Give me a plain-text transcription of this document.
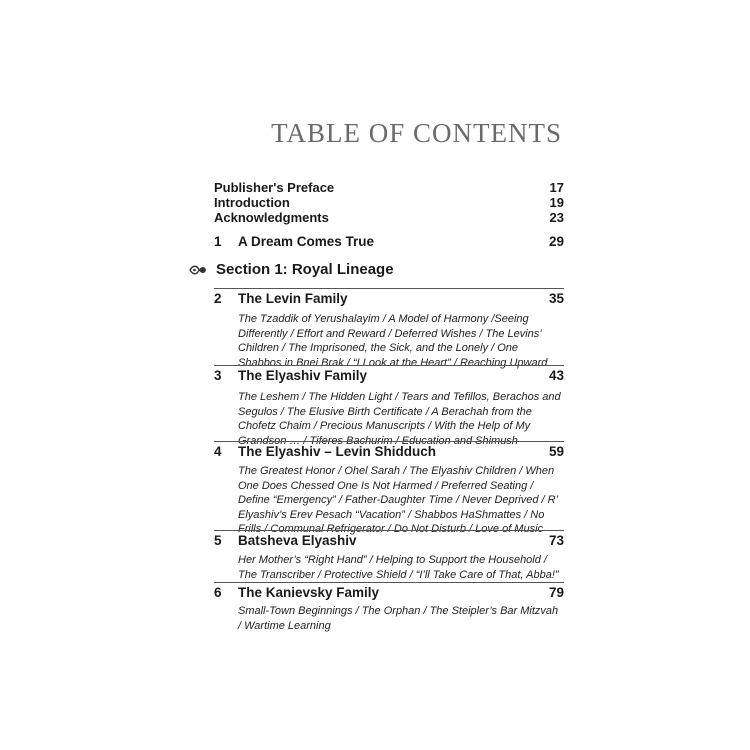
TABLE OF CONTENTS
Publisher's Preface	17
Introduction	19
Acknowledgments	23
1	A Dream Comes True	29
Section 1: Royal Lineage
2	The Levin Family	35
The Tzaddik of Yerushalayim / A Model of Harmony /Seeing Differently / Effort and Reward / Deferred Wishes / The Levins’ Children / The Imprisoned, the Sick, and the Lonely / One Shabbos in Bnei Brak / “I Look at the Heart” / Reaching Upward
3	The Elyashiv Family	43
The Leshem / The Hidden Light / Tears and Tefillos, Berachos and Segulos / The Elusive Birth Certificate / A Berachah from the Chofetz Chaim / Precious Manuscripts / With the Help of My Grandson … / Tiferes Bachurim / Education and Shimush
4	The Elyashiv – Levin Shidduch	59
The Greatest Honor / Ohel Sarah / The Elyashiv Children / When One Does Chessed One Is Not Harmed / Preferred Seating / Define “Emergency” / Father-Daughter Time / Never Deprived / R’ Elyashiv’s Erev Pesach “Vacation” / Shabbos HaShmattes / No Frills / Communal Refrigerator / Do Not Disturb / Love of Music
5	Batsheva Elyashiv	73
Her Mother’s “Right Hand” / Helping to Support the Household / The Transcriber / Protective Shield / “I’ll Take Care of That, Abba!”
6	The Kanievsky Family	79
Small-Town Beginnings / The Orphan / The Steipler’s Bar Mitzvah / Wartime Learning
